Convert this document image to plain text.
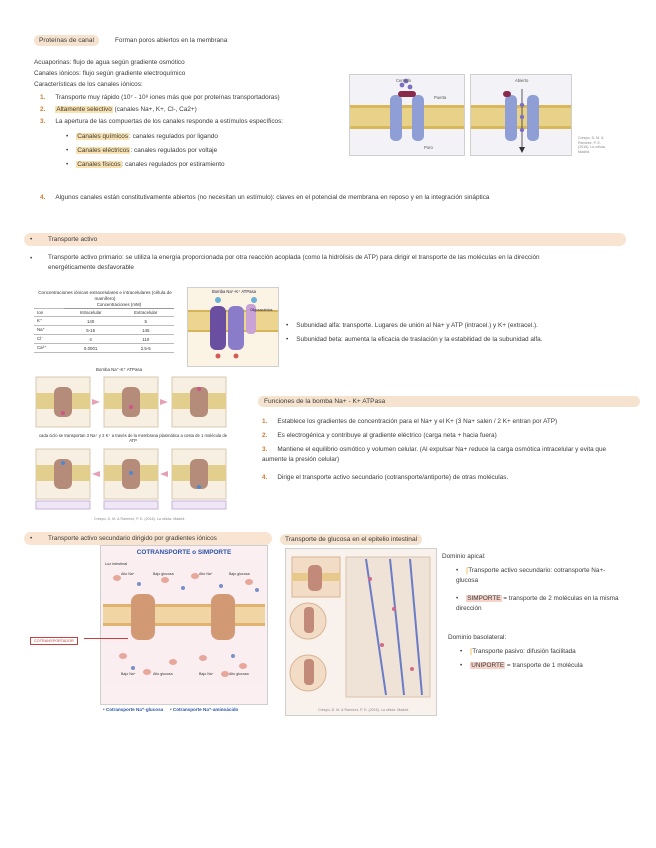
Proteínas de canal	Forman poros abiertos en la membrana
Acuaporinas: flujo de agua según gradiente osmótico
Canales iónicos: flujo según gradiente electroquímico
Características de los canales iónicos:
1. Transporte muy rápido (10⁷ - 10⁸ iones más que por proteínas transportadoras)
2. Altamente selectivo (canales Na+, K+, Cl-, Ca2+)
3. La apertura de las compuertas de los canales responde a estímulos específicos:
• Canales químicos: canales regulados por ligando
• Canales eléctricos: canales regulados por voltaje
• Canales físicos: canales regulados por estiramiento
4. Algunos canales están constitutivamente abiertos (no necesitan un estímulo): claves en el potencial de membrana en reposo y en la integración sináptica
Cerrado
Puerta
Poro
Abierto
Crespo, D. M. & Ramírez, P. E. (2016). La célula. Madrid.
• Transporte activo
• Transporte activo primario: se utiliza la energía proporcionada por otra reacción acoplada (como la hidrólisis de ATP) para dirigir el transporte de las moléculas en la dirección energéticamente desfavorable
Concentraciones iónicas extracelulares e intracelulares (célula de mamífero)
	Concentraciones (mM)	
Ion	Intracelular	Extracelular
K⁺	140	5
Na⁺	5-15	145
Cl⁻	4	110
Ca²⁺	0.0001	2.5-5
Bomba Na⁺-K⁺ ATPasa
Oligosacáridos
• Subunidad alfa: transporte. Lugares de unión al Na+ y ATP (intracel.) y K+ (extracel.).
• Subunidad beta: aumenta la eficacia de traslación y la estabilidad de la subunidad alfa.
Bomba Na⁺-K⁺ ATPasa
cada ciclo se transportan 3 Na⁺ y 2 K⁺ a través de la membrana plasmática a costa de 1 molécula de ATP
Crespo, D. M. & Ramírez, P. E. (2016). La célula. Madrid.
Funciones de la bomba Na+ - K+ ATPasa
1. Establece los gradientes de concentración para el Na+ y el K+ (3 Na+ salen / 2 K+ entran por ATP)
2. Es electrogénica y contribuye al gradiente eléctrico (carga neta + hacia fuera)
3. Mantiene el equilibrio osmótico y volumen celular. (Al expulsar Na+ reduce la carga osmótica intracelular y evita que aumente la presión celular)
4. Dirige el transporte activo secundario (cotransporte/antiporte) de otras moléculas.
• Transporte activo secundario dirigido por gradientes iónicos
COTRANSPORTE o SIMPORTE
Luz intestinal
Alto Na⁺	Bajo glucosa	Alto Na⁺	Bajo glucosa
Bajo Na⁺	Alto glucosa	Bajo Na⁺	Alto glucosa
COTRANSPORTADOR
• Cotransporte Na⁺-glucosa • Cotransporte Na⁺-aminoácido
Transporte de glucosa en el epitelio intestinal
Crespo, D. M. & Ramírez, P. E. (2016). La célula. Madrid.
Dominio apical:
• Transporte activo secundario: cotransporte Na+-glucosa
• SIMPORTE = transporte de 2 moléculas en la misma dirección
Dominio basolateral:
• Transporte pasivo: difusión facilitada
• UNIPORTE = transporte de 1 molécula
